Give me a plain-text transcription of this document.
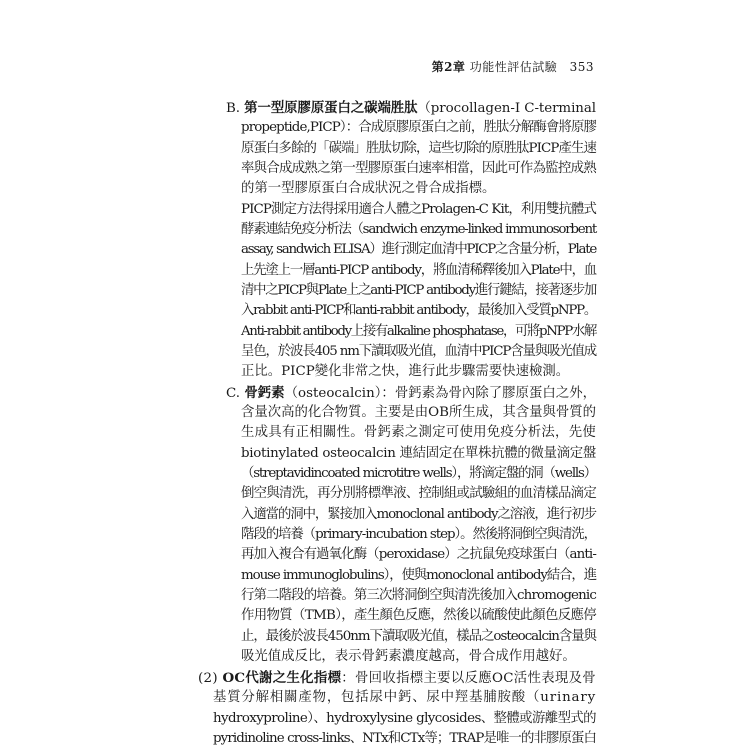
第2章 功能性評估試驗 353
B. 第一型原膠原蛋白之碳端胜肽（procollagen-I C-terminal
propeptide,PICP）：合成原膠原蛋白之前，胜肽分解酶會將原膠
原蛋白多餘的「碳端」胜肽切除，這些切除的原胜肽PICP產生速
率與合成成熟之第一型膠原蛋白速率相當，因此可作為監控成熟
的第一型膠原蛋白合成狀況之骨合成指標。
PICP測定方法得採用適合人體之Prolagen-C Kit，利用雙抗體式
酵素連結免疫分析法（sandwich enzyme-linked immunosorbent
assay, sandwich ELISA）進行測定血清中PICP之含量分析，Plate
上先塗上一層anti-PICP antibody，將血清稀釋後加入Plate中，血
清中之PICP與Plate上之anti-PICP antibody進行鍵結，接著逐步加
入rabbit anti-PICP和anti-rabbit antibody，最後加入受質pNPP。
Anti-rabbit antibody上接有alkaline phosphatase，可將pNPP水解
呈色，於波長405 nm下讀取吸光值，血清中PICP含量與吸光值成
正比。PICP變化非常之快，進行此步驟需要快速檢測。
C. 骨鈣素（osteocalcin）：骨鈣素為骨內除了膠原蛋白之外，
含量次高的化合物質。主要是由OB所生成，其含量與骨質的
生成具有正相關性。骨鈣素之測定可使用免疫分析法，先使
biotinylated osteocalcin 連結固定在單株抗體的微量滴定盤
（streptavidincoated microtitre wells），將滴定盤的洞（wells）
倒空與清洗，再分別將標準液、控制組或試驗組的血清樣品滴定
入適當的洞中，緊接加入monoclonal antibody之溶液，進行初步
階段的培養（primary-incubation step）。然後將洞倒空與清洗，
再加入複合有過氧化酶（peroxidase）之抗鼠免疫球蛋白（anti-
mouse immunoglobulins），使與monoclonal antibody結合，進
行第二階段的培養。第三次將洞倒空與清洗後加入chromogenic
作用物質（TMB），產生顏色反應，然後以硫酸使此顏色反應停
止，最後於波長450nm下讀取吸光值，樣品之osteocalcin含量與
吸光值成反比，表示骨鈣素濃度越高，骨合成作用越好。
(2) OC代謝之生化指標：骨回收指標主要以反應OC活性表現及骨
基質分解相關產物，包括尿中鈣、尿中羥基脯胺酸（urinary
hydroxyproline）、hydroxylysine glycosides、整體或游離型式的
pyridinoline cross-links、NTx和CTx等；TRAP是唯一的非膠原蛋白
